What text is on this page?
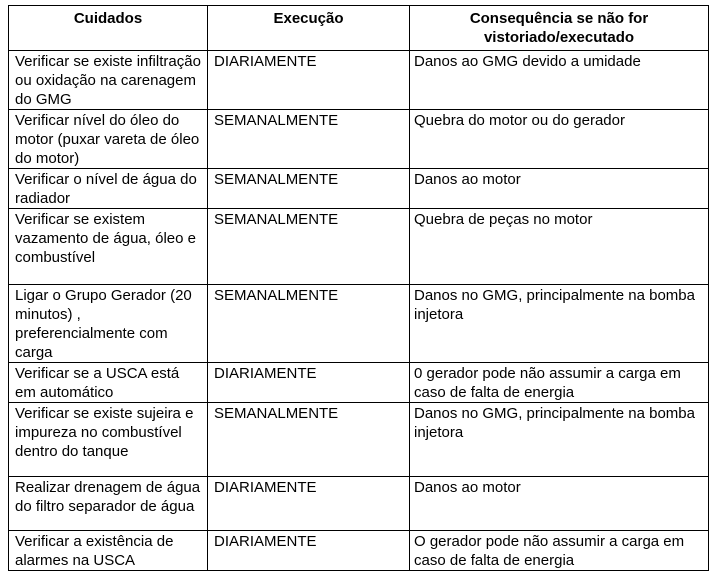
Cuidados	Execução	Consequência se não for vistoriado/executado
Verificar se existe infiltração ou oxidação na carenagem do GMG	DIARIAMENTE	Danos ao GMG devido a umidade
Verificar nível do óleo do motor (puxar vareta de óleo do motor)	SEMANALMENTE	Quebra do motor ou do gerador
Verificar o nível de água do radiador	SEMANALMENTE	Danos ao motor
Verificar se existem vazamento de água, óleo e combustível	SEMANALMENTE	Quebra de peças no motor
Ligar o Grupo Gerador (20 minutos) , preferencialmente com carga	SEMANALMENTE	Danos no GMG, principalmente na bomba injetora
Verificar se a USCA está em automático	DIARIAMENTE	0 gerador pode não assumir a carga em caso de falta de energia
Verificar se existe sujeira e impureza no combustível dentro do tanque	SEMANALMENTE	Danos no GMG, principalmente na bomba injetora
Realizar drenagem de água do filtro separador de água	DIARIAMENTE	Danos ao motor
Verificar a existência de alarmes na USCA	DIARIAMENTE	O gerador pode não assumir a carga em caso de falta de energia
